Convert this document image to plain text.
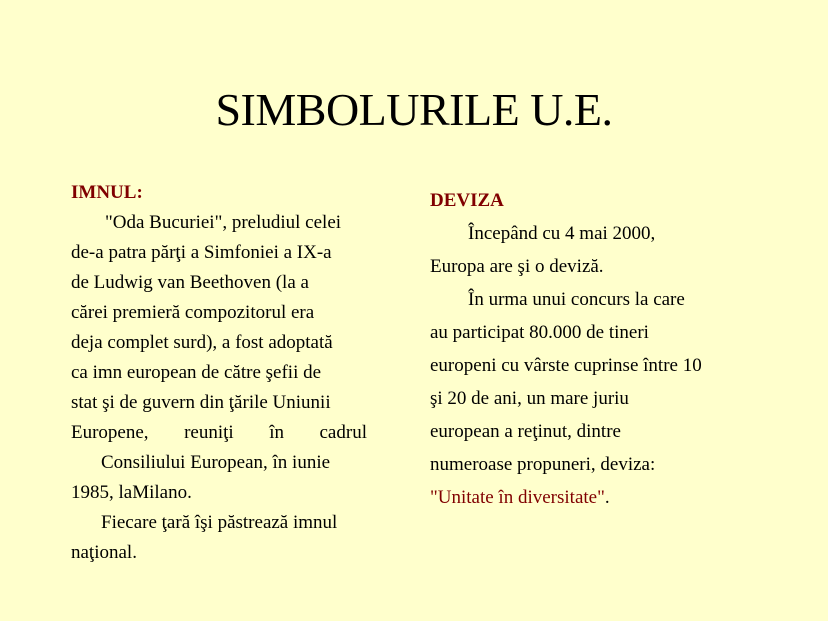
SIMBOLURILE U.E.

IMNUL:

"Oda Bucuriei", preludiul celei

de-a patra părţi a Simfoniei a IX-a

de Ludwig van Beethoven (la a

cărei premieră compozitorul era

deja complet surd), a fost adoptată

ca imn european de către şefii de

stat şi de guvern din ţările Uniunii

Europene, reuniţi în cadrul

Consiliului European, în iunie

1985, laMilano.

Fiecare ţară îşi păstrează imnul

naţional.

DEVIZA

Începând cu 4 mai 2000,

Europa are şi o deviză.

În urma unui concurs la care

au participat 80.000 de tineri

europeni cu vârste cuprinse între 10

şi 20 de ani, un mare juriu

european a reţinut, dintre

numeroase propuneri, deviza:

"Unitate în diversitate".
